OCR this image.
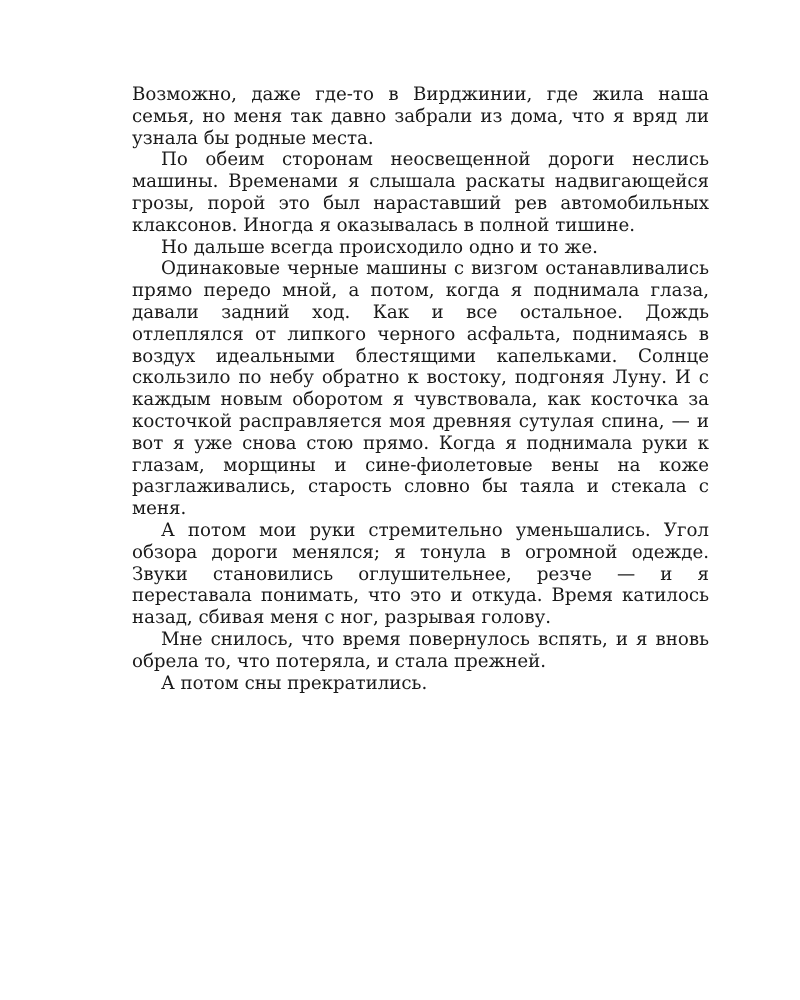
Возможно, даже где-то в Вирджинии, где жила наша семья, но меня так давно забрали из дома, что я вряд ли узнала бы родные места.

По обеим сторонам неосвещенной дороги неслись машины. Временами я слышала раскаты надвигающейся грозы, порой это был нараставший рев автомобильных клаксонов. Иногда я оказывалась в полной тишине.

Но дальше всегда происходило одно и то же.

Одинаковые черные машины с визгом останавливались прямо передо мной, а потом, когда я поднимала глаза, давали задний ход. Как и все остальное. Дождь отлеплялся от липкого черного асфальта, поднимаясь в воздух идеальными блестящими капельками. Солнце скользило по небу обратно к востоку, подгоняя Луну. И с каждым новым оборотом я чувствовала, как косточка за косточкой расправляется моя древняя сутулая спина, — и вот я уже снова стою прямо. Когда я поднимала руки к глазам, морщины и сине-фиолетовые вены на коже разглаживались, старость словно бы таяла и стекала с меня.

А потом мои руки стремительно уменьшались. Угол обзора дороги менялся; я тонула в огромной одежде. Звуки становились оглушительнее, резче — и я переставала понимать, что это и откуда. Время катилось назад, сбивая меня с ног, разрывая голову.

Мне снилось, что время повернулось вспять, и я вновь обрела то, что потеряла, и стала прежней.

А потом сны прекратились.
